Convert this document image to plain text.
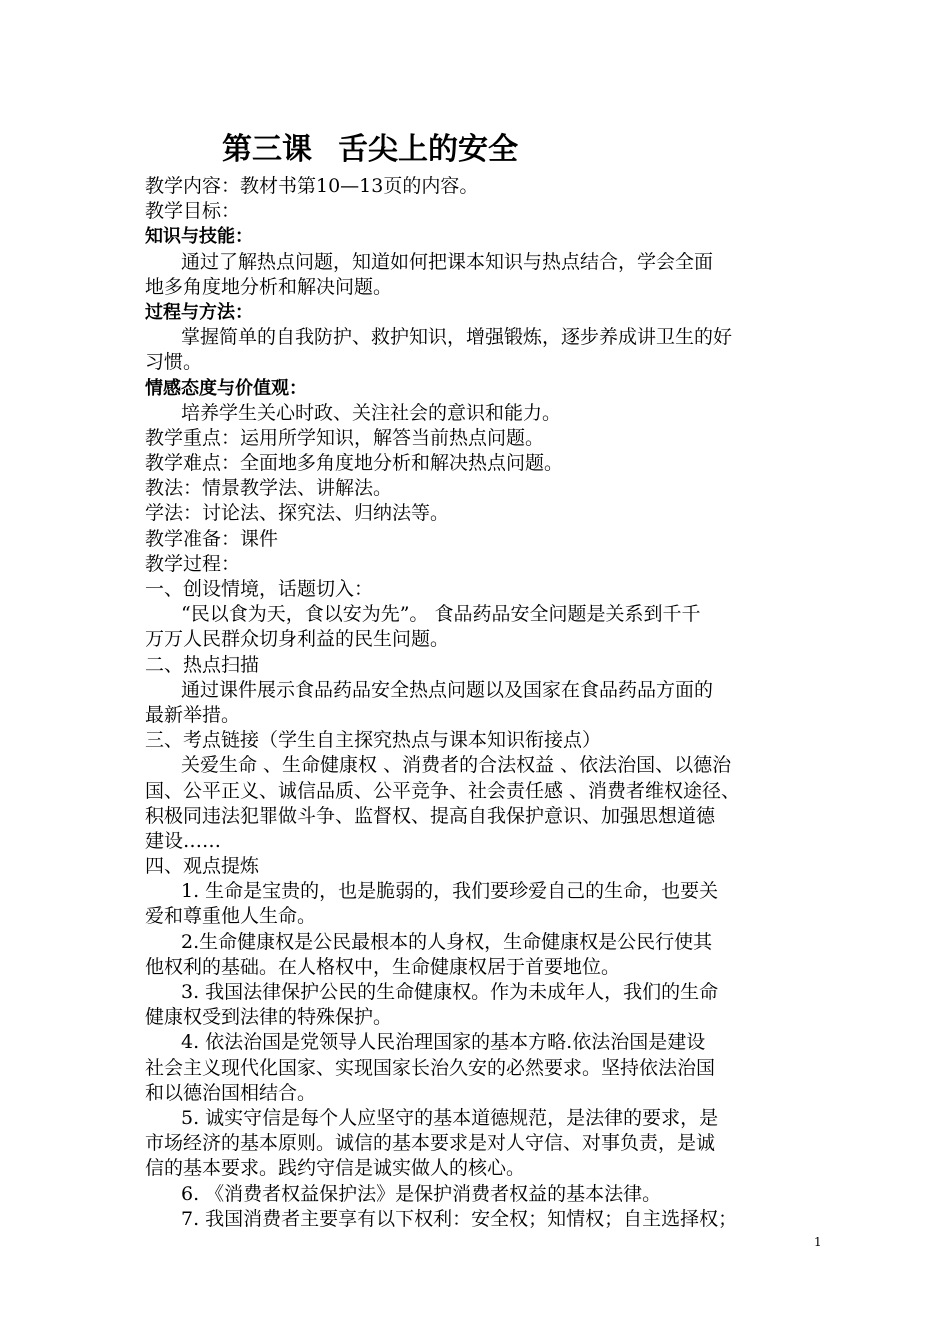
第三课 舌尖上的安全
教学内容：教材书第10—13页的内容。
教学目标：
知识与技能：
通过了解热点问题，知道如何把课本知识与热点结合，学会全面
地多角度地分析和解决问题。
过程与方法：
掌握简单的自我防护、救护知识，增强锻炼，逐步养成讲卫生的好
习惯。
情感态度与价值观：
培养学生关心时政、关注社会的意识和能力。
教学重点：运用所学知识，解答当前热点问题。
教学难点：全面地多角度地分析和解决热点问题。
教法：情景教学法、讲解法。
学法：讨论法、探究法、归纳法等。
教学准备：课件
教学过程：
一、创设情境，话题切入：
“民以食为天，食以安为先”。 食品药品安全问题是关系到千千
万万人民群众切身利益的民生问题。
二、热点扫描
通过课件展示食品药品安全热点问题以及国家在食品药品方面的
最新举措。
三、考点链接（学生自主探究热点与课本知识衔接点）
关爱生命 、生命健康权 、消费者的合法权益 、依法治国、以德治
国、公平正义、诚信品质、公平竞争、社会责任感 、消费者维权途径、
积极同违法犯罪做斗争、监督权、提高自我保护意识、加强思想道德
建设……
四、观点提炼
1. 生命是宝贵的，也是脆弱的，我们要珍爱自己的生命，也要关
爱和尊重他人生命。
2.生命健康权是公民最根本的人身权，生命健康权是公民行使其
他权利的基础。在人格权中，生命健康权居于首要地位。
3. 我国法律保护公民的生命健康权。作为未成年人，我们的生命
健康权受到法律的特殊保护。
4. 依法治国是党领导人民治理国家的基本方略.依法治国是建设
社会主义现代化国家、实现国家长治久安的必然要求。坚持依法治国
和以德治国相结合。
5. 诚实守信是每个人应坚守的基本道德规范，是法律的要求，是
市场经济的基本原则。诚信的基本要求是对人守信、对事负责，是诚
信的基本要求。践约守信是诚实做人的核心。
6. 《消费者权益保护法》是保护消费者权益的基本法律。
7. 我国消费者主要享有以下权利：安全权；知情权；自主选择权；
1
